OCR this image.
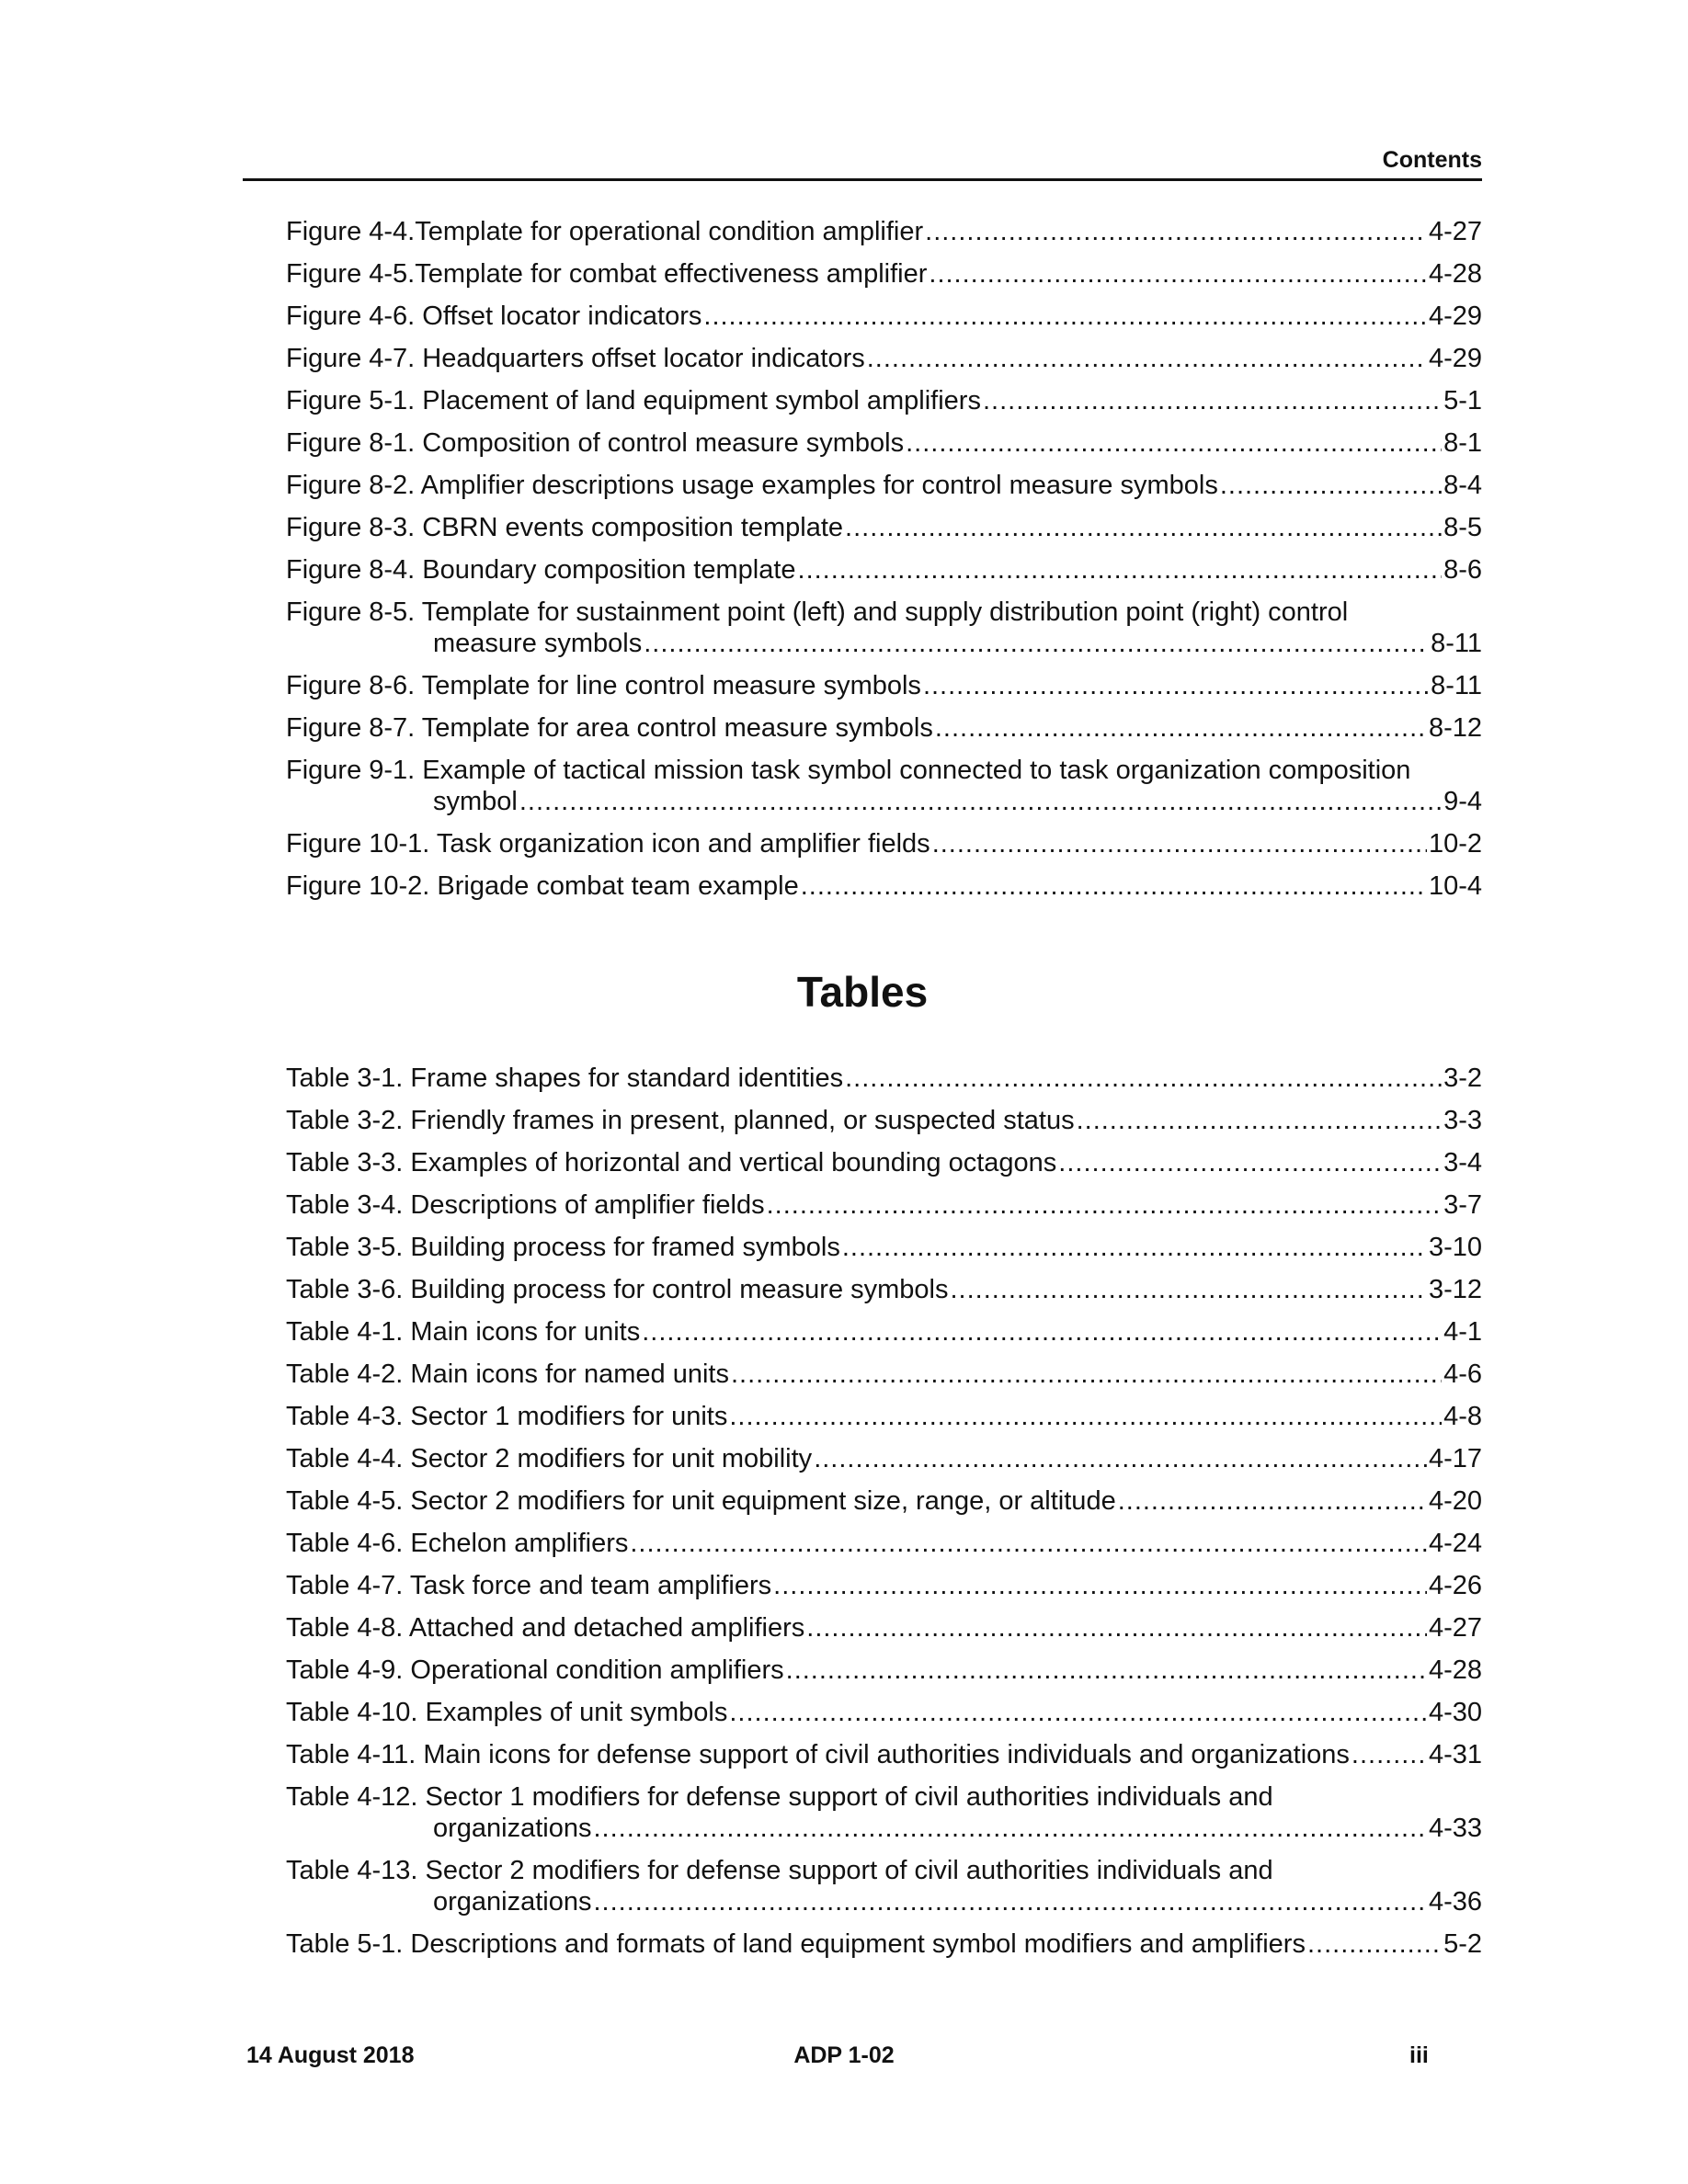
Contents
Figure 4-4.Template for operational condition amplifier .....	4-27
Figure 4-5.Template for combat effectiveness amplifier .....	4-28
Figure 4-6. Offset locator indicators .....	4-29
Figure 4-7. Headquarters offset locator indicators .....	4-29
Figure 5-1. Placement of land equipment symbol amplifiers .....	5-1
Figure 8-1. Composition of control measure symbols .....	8-1
Figure 8-2. Amplifier descriptions usage examples for control measure symbols .....	8-4
Figure 8-3. CBRN events composition template .....	8-5
Figure 8-4. Boundary composition template .....	8-6
Figure 8-5. Template for sustainment point (left) and supply distribution point (right) control
measure symbols .....	8-11
Figure 8-6. Template for line control measure symbols .....	8-11
Figure 8-7. Template for area control measure symbols .....	8-12
Figure 9-1. Example of tactical mission task symbol connected to task organization composition
symbol .....	9-4
Figure 10-1. Task organization icon and amplifier fields .....	10-2
Figure 10-2. Brigade combat team example .....	10-4
Tables
Table 3-1. Frame shapes for standard identities .....	3-2
Table 3-2. Friendly frames in present, planned, or suspected status .....	3-3
Table 3-3. Examples of horizontal and vertical bounding octagons .....	3-4
Table 3-4. Descriptions of amplifier fields .....	3-7
Table 3-5. Building process for framed symbols .....	3-10
Table 3-6. Building process for control measure symbols .....	3-12
Table 4-1. Main icons for units .....	4-1
Table 4-2. Main icons for named units .....	4-6
Table 4-3. Sector 1 modifiers for units .....	4-8
Table 4-4. Sector 2 modifiers for unit mobility .....	4-17
Table 4-5. Sector 2 modifiers for unit equipment size, range, or altitude .....	4-20
Table 4-6. Echelon amplifiers .....	4-24
Table 4-7. Task force and team amplifiers .....	4-26
Table 4-8. Attached and detached amplifiers .....	4-27
Table 4-9. Operational condition amplifiers .....	4-28
Table 4-10. Examples of unit symbols .....	4-30
Table 4-11. Main icons for defense support of civil authorities individuals and organizations .....	4-31
Table 4-12. Sector 1 modifiers for defense support of civil authorities individuals and
organizations .....	4-33
Table 4-13. Sector 2 modifiers for defense support of civil authorities individuals and
organizations .....	4-36
Table 5-1. Descriptions and formats of land equipment symbol modifiers and amplifiers .....	5-2
14 August 2018	ADP 1-02	iii
